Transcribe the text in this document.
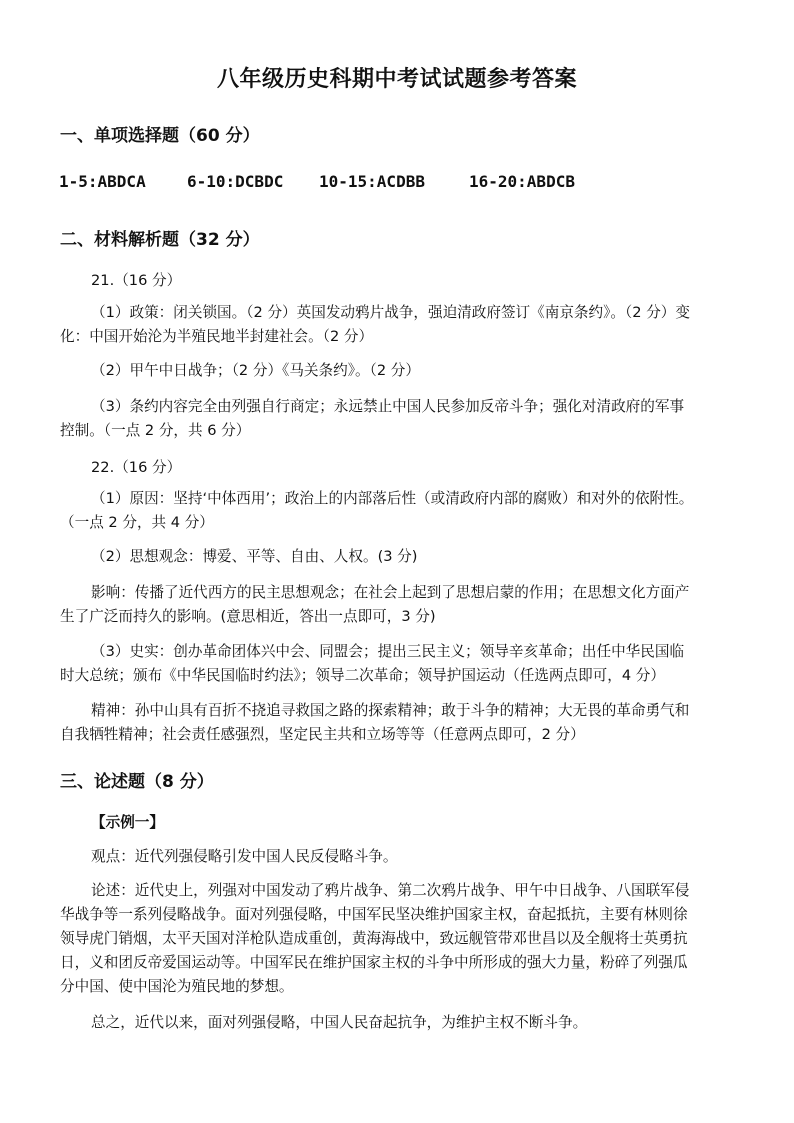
八年级历史科期中考试试题参考答案
一、单项选择题（60 分）
1-5:ABDCA	6-10:DCBDC 10-15:ACDBB	16-20:ABDCB
二、材料解析题（32 分）
21.（16 分）
（1）政策：闭关锁国。（2 分）英国发动鸦片战争，强迫清政府签订《南京条约》。（2 分）变
化：中国开始沦为半殖民地半封建社会。（2 分）
（2）甲午中日战争；（2 分）《马关条约》。（2 分）
（3）条约内容完全由列强自行商定；永远禁止中国人民参加反帝斗争；强化对清政府的军事
控制。（一点 2 分，共 6 分）
22.（16 分）
（1）原因：坚持‘中体西用’；政治上的内部落后性（或清政府内部的腐败）和对外的依附性。
（一点 2 分，共 4 分）
（2）思想观念：博爱、平等、自由、人权。(3 分)
影响：传播了近代西方的民主思想观念；在社会上起到了思想启蒙的作用；在思想文化方面产
生了广泛而持久的影响。(意思相近，答出一点即可，3 分)
（3）史实：创办革命团体兴中会、同盟会；提出三民主义；领导辛亥革命；出任中华民国临
时大总统；颁布《中华民国临时约法》；领导二次革命；领导护国运动（任选两点即可，4 分）
精神：孙中山具有百折不挠追寻救国之路的探索精神；敢于斗争的精神；大无畏的革命勇气和
自我牺牲精神；社会责任感强烈，坚定民主共和立场等等（任意两点即可，2 分）
三、论述题（8 分）
【示例一】
观点：近代列强侵略引发中国人民反侵略斗争。
论述：近代史上，列强对中国发动了鸦片战争、第二次鸦片战争、甲午中日战争、八国联军侵
华战争等一系列侵略战争。面对列强侵略，中国军民坚决维护国家主权，奋起抵抗，主要有林则徐
领导虎门销烟，太平天国对洋枪队造成重创，黄海海战中，致远舰管带邓世昌以及全舰将士英勇抗
日，义和团反帝爱国运动等。中国军民在维护国家主权的斗争中所形成的强大力量，粉碎了列强瓜
分中国、使中国沦为殖民地的梦想。
总之，近代以来，面对列强侵略，中国人民奋起抗争，为维护主权不断斗争。
